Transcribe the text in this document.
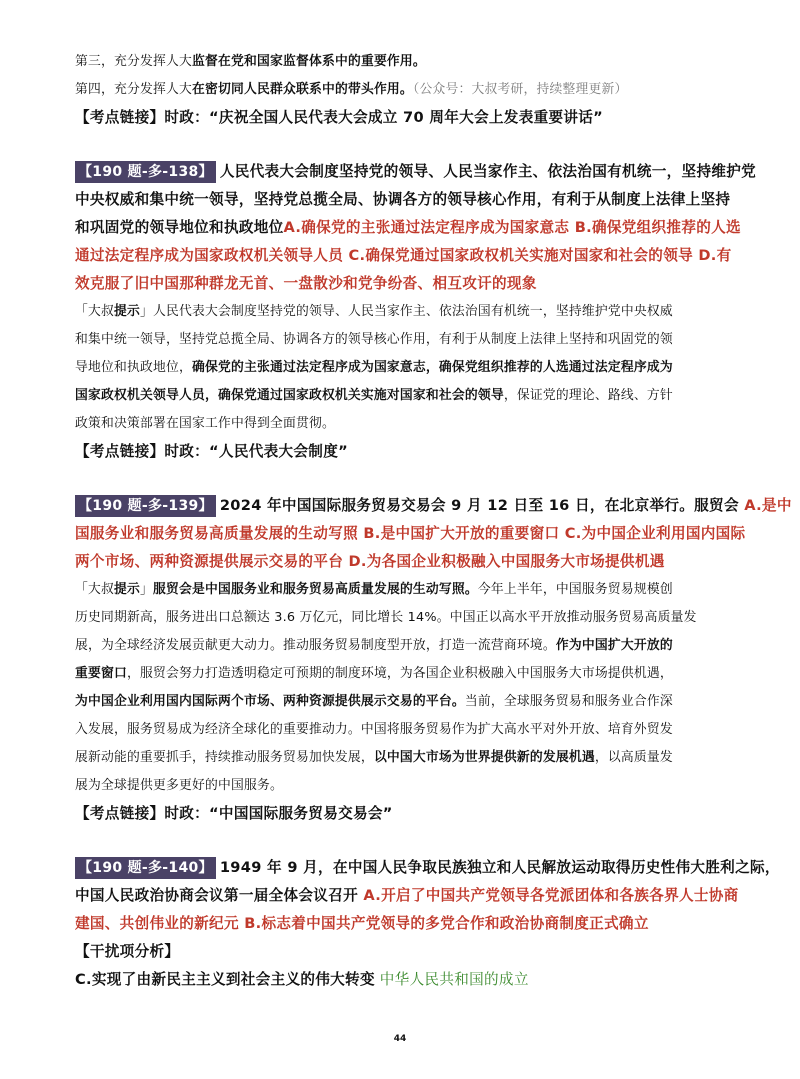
第三，充分发挥人大监督在党和国家监督体系中的重要作用。
第四，充分发挥人大在密切同人民群众联系中的带头作用。（公众号：大叔考研，持续整理更新）
【考点链接】时政：“庆祝全国人民代表大会成立 70 周年大会上发表重要讲话”
【190 题-多-138】 人民代表大会制度坚持党的领导、人民当家作主、依法治国有机统一，坚持维护党
中央权威和集中统一领导，坚持党总揽全局、协调各方的领导核心作用，有利于从制度上法律上坚持
和巩固党的领导地位和执政地位A.确保党的主张通过法定程序成为国家意志 B.确保党组织推荐的人选
通过法定程序成为国家政权机关领导人员 C.确保党通过国家政权机关实施对国家和社会的领导 D.有
效克服了旧中国那种群龙无首、一盘散沙和党争纷沓、相互攻讦的现象
「大叔提示」人民代表大会制度坚持党的领导、人民当家作主、依法治国有机统一，坚持维护党中央权威
和集中统一领导，坚持党总揽全局、协调各方的领导核心作用，有利于从制度上法律上坚持和巩固党的领
导地位和执政地位，确保党的主张通过法定程序成为国家意志，确保党组织推荐的人选通过法定程序成为
国家政权机关领导人员，确保党通过国家政权机关实施对国家和社会的领导，保证党的理论、路线、方针
政策和决策部署在国家工作中得到全面贯彻。
【考点链接】时政：“人民代表大会制度”
【190 题-多-139】 2024 年中国国际服务贸易交易会 9 月 12 日至 16 日，在北京举行。服贸会 A.是中
国服务业和服务贸易高质量发展的生动写照 B.是中国扩大开放的重要窗口 C.为中国企业利用国内国际
两个市场、两种资源提供展示交易的平台 D.为各国企业积极融入中国服务大市场提供机遇
「大叔提示」服贸会是中国服务业和服务贸易高质量发展的生动写照。今年上半年，中国服务贸易规模创
历史同期新高，服务进出口总额达 3.6 万亿元，同比增长 14%。中国正以高水平开放推动服务贸易高质量发
展，为全球经济发展贡献更大动力。推动服务贸易制度型开放，打造一流营商环境。作为中国扩大开放的
重要窗口，服贸会努力打造透明稳定可预期的制度环境，为各国企业积极融入中国服务大市场提供机遇，
为中国企业利用国内国际两个市场、两种资源提供展示交易的平台。当前，全球服务贸易和服务业合作深
入发展，服务贸易成为经济全球化的重要推动力。中国将服务贸易作为扩大高水平对外开放、培育外贸发
展新动能的重要抓手，持续推动服务贸易加快发展，以中国大市场为世界提供新的发展机遇，以高质量发
展为全球提供更多更好的中国服务。
【考点链接】时政：“中国国际服务贸易交易会”
【190 题-多-140】 1949 年 9 月，在中国人民争取民族独立和人民解放运动取得历史性伟大胜利之际，
中国人民政治协商会议第一届全体会议召开 A.开启了中国共产党领导各党派团体和各族各界人士协商
建国、共创伟业的新纪元 B.标志着中国共产党领导的多党合作和政治协商制度正式确立
【干扰项分析】
C.实现了由新民主主义到社会主义的伟大转变 中华人民共和国的成立
44
